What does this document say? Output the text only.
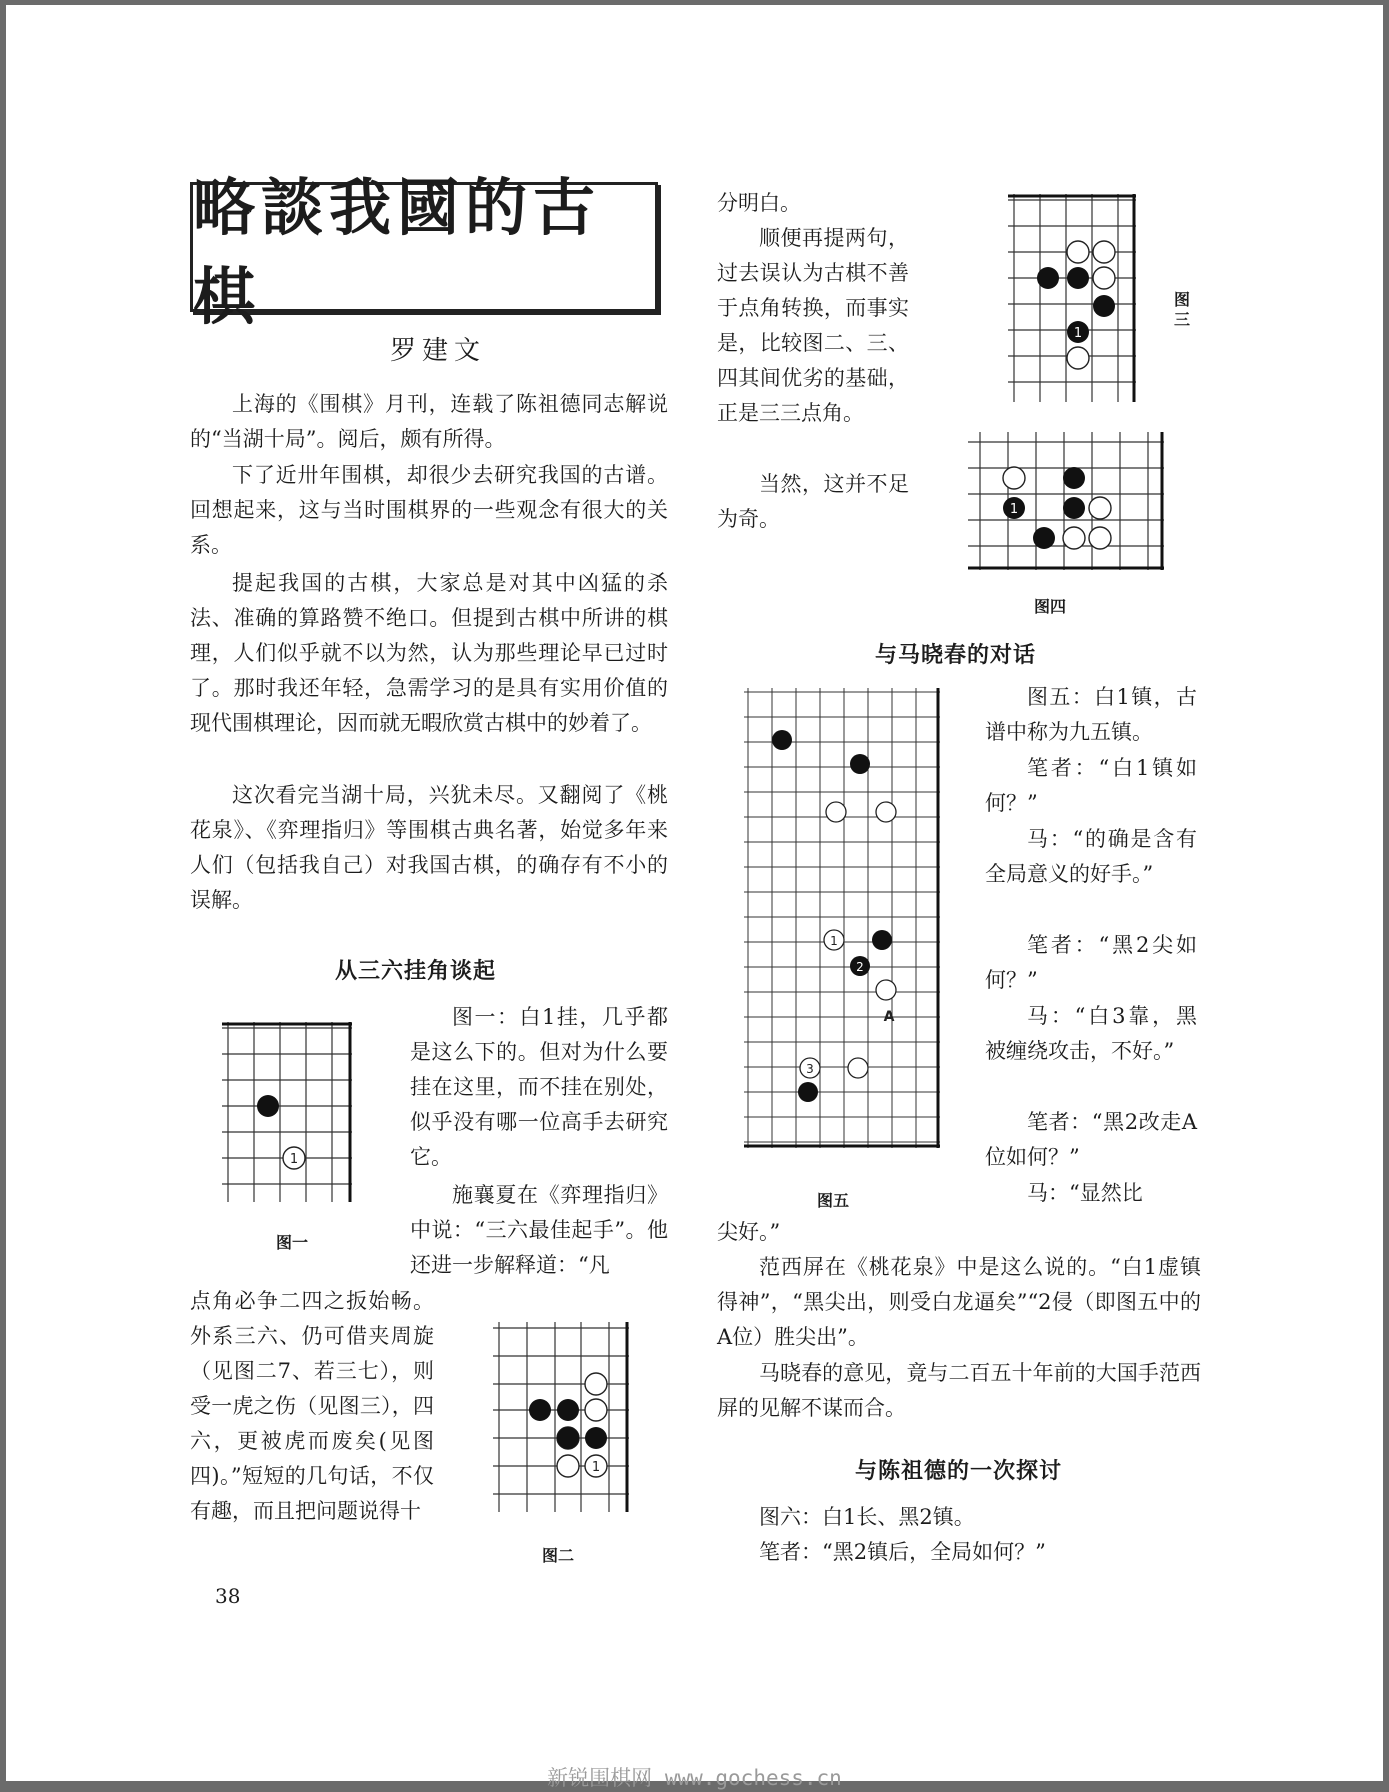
略談我國的古棋
罗建文

上海的《围棋》月刊，连载了陈祖德同志解说的“当湖十局”。阅后，颇有所得。

下了近卅年围棋，却很少去研究我国的古谱。回想起来，这与当时围棋界的一些观念有很大的关系。

提起我国的古棋，大家总是对其中凶猛的杀法、准确的算路赞不绝口。但提到古棋中所讲的棋理，人们似乎就不以为然，认为那些理论早已过时了。那时我还年轻，急需学习的是具有实用价值的现代围棋理论，因而就无暇欣赏古棋中的妙着了。

这次看完当湖十局，兴犹未尽。又翻阅了《桃花泉》、《弈理指归》等围棋古典名著，始觉多年来人们（包括我自己）对我国古棋，的确存有不小的误解。

从三六挂角谈起
1
图一

图一：白1挂，几乎都是这么下的。但对为什么要挂在这里，而不挂在别处，似乎没有哪一位高手去研究它。

施襄夏在《弈理指归》中说：“三六最佳起手”。他还进一步解释道：“凡

点角必争二四之扳始畅。外系三六、仍可借夹周旋（见图二7、若三七），则受一虎之伤（见图三），四六，更被虎而废矣(见图四)。”短短的几句话，不仅有趣，而且把问题说得十

1
图二

分明白。

顺便再提两句，过去误认为古棋不善于点角转换，而事实是，比较图二、三、四其间优劣的基础，正是三三点角。

当然，这并不足为奇。

1
图三
1
图四
与马晓春的对话
1
2
A
3
图五

图五：白1镇，古谱中称为九五镇。

笔者：“白1镇如何？”

马：“的确是含有全局意义的好手。”

笔者：“黑2尖如何？”

马：“白3靠，黑被缠绕攻击，不好。”

笔者：“黑2改走A位如何？”

马：“显然比

尖好。”

范西屏在《桃花泉》中是这么说的。“白1虚镇得神”，“黑尖出，则受白龙逼矣”“2侵（即图五中的A位）胜尖出”。

马晓春的意见，竟与二百五十年前的大国手范西屏的见解不谋而合。

与陈祖德的一次探讨

图六：白1长、黑2镇。

笔者：“黑2镇后，全局如何？”

38
新锐围棋网 www.gochess.cn
